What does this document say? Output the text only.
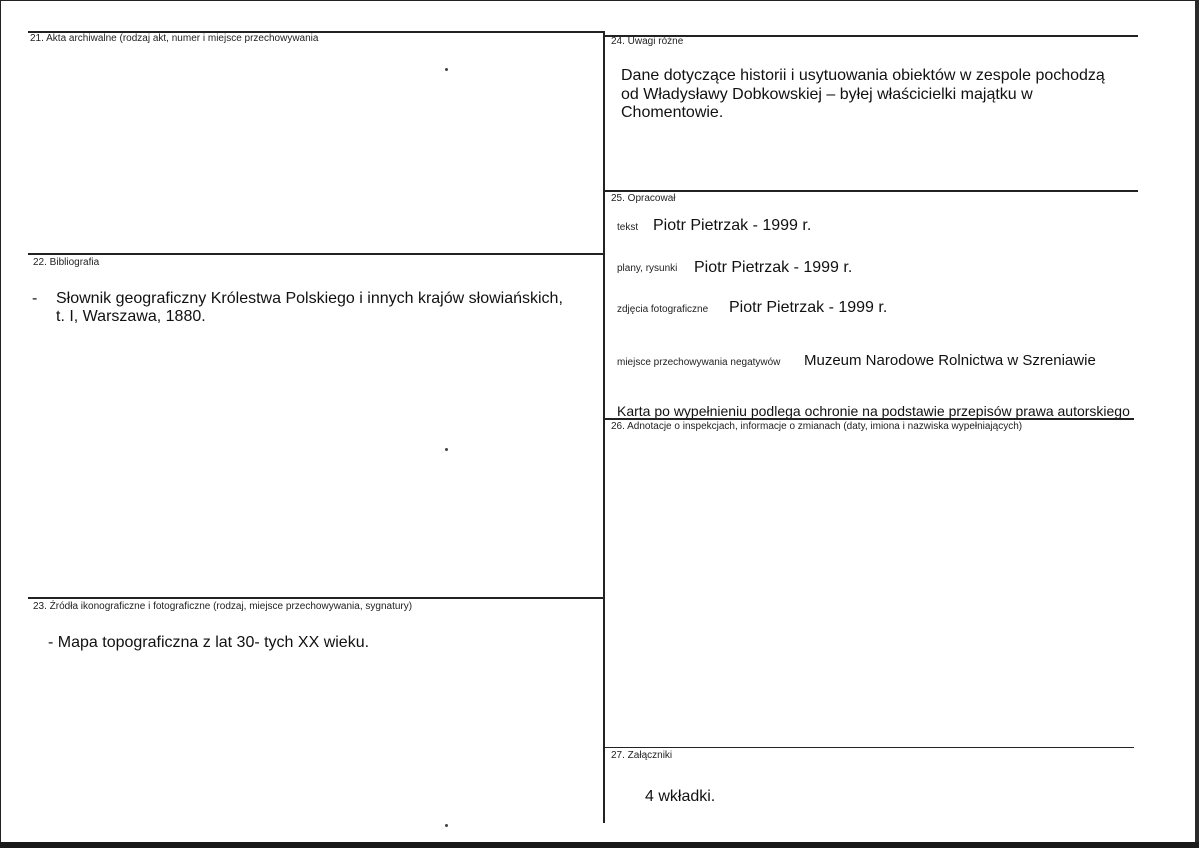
21. Akta archiwalne (rodzaj akt, numer i miejsce przechowywania
22. Bibliografia
- Słownik geograficzny Królestwa Polskiego i innych krajów słowiańskich,
t. I, Warszawa, 1880.
23. Źródła ikonograficzne i fotograficzne (rodzaj, miejsce przechowywania, sygnatury)
- Mapa topograficzna z lat 30- tych XX wieku.
24. Uwagi różne
Dane dotyczące historii i usytuowania obiektów w zespole pochodzą
od Władysławy Dobkowskiej – byłej właścicielki majątku w
Chomentowie.
25. Opracował
tekst Piotr Pietrzak - 1999 r.
plany, rysunki Piotr Pietrzak - 1999 r.
zdjęcia fotograficzne Piotr Pietrzak - 1999 r.
miejsce przechowywania negatywów Muzeum Narodowe Rolnictwa w Szreniawie
Karta po wypełnieniu podlega ochronie na podstawie przepisów prawa autorskiego
26. Adnotacje o inspekcjach, informacje o zmianach (daty, imiona i nazwiska wypełniających)
27. Załączniki
4 wkładki.
